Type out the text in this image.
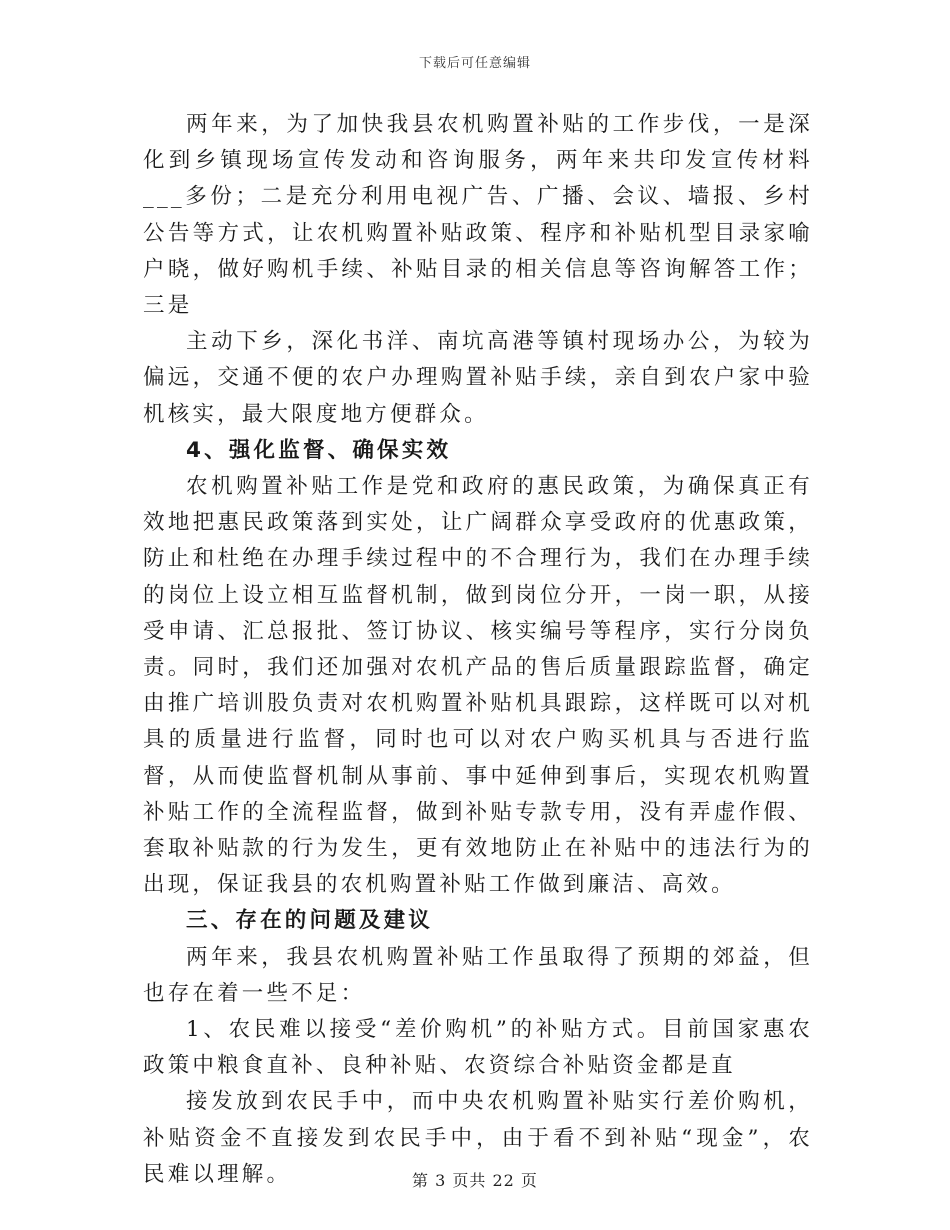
下载后可任意编辑

两年来，为了加快我县农机购置补贴的工作步伐，一是深化到乡镇现场宣传发动和咨询服务，两年来共印发宣传材料___多份；二是充分利用电视广告、广播、会议、墙报、乡村公告等方式，让农机购置补贴政策、程序和补贴机型目录家喻户晓，做好购机手续、补贴目录的相关信息等咨询解答工作；三是

主动下乡，深化书洋、南坑高港等镇村现场办公，为较为偏远，交通不便的农户办理购置补贴手续，亲自到农户家中验机核实，最大限度地方便群众。

4、强化监督、确保实效

农机购置补贴工作是党和政府的惠民政策，为确保真正有效地把惠民政策落到实处，让广阔群众享受政府的优惠政策，防止和杜绝在办理手续过程中的不合理行为，我们在办理手续的岗位上设立相互监督机制，做到岗位分开，一岗一职，从接受申请、汇总报批、签订协议、核实编号等程序，实行分岗负责。同时，我们还加强对农机产品的售后质量跟踪监督，确定由推广培训股负责对农机购置补贴机具跟踪，这样既可以对机具的质量进行监督，同时也可以对农户购买机具与否进行监督，从而使监督机制从事前、事中延伸到事后，实现农机购置补贴工作的全流程监督，做到补贴专款专用，没有弄虚作假、套取补贴款的行为发生，更有效地防止在补贴中的违法行为的出现，保证我县的农机购置补贴工作做到廉洁、高效。

三、存在的问题及建议

两年来，我县农机购置补贴工作虽取得了预期的郊益，但也存在着一些不足：

1、农民难以接受“差价购机”的补贴方式。目前国家惠农政策中粮食直补、良种补贴、农资综合补贴资金都是直

接发放到农民手中，而中央农机购置补贴实行差价购机，补贴资金不直接发到农民手中，由于看不到补贴“现金”，农民难以理解。	第 3 页共 22 页
